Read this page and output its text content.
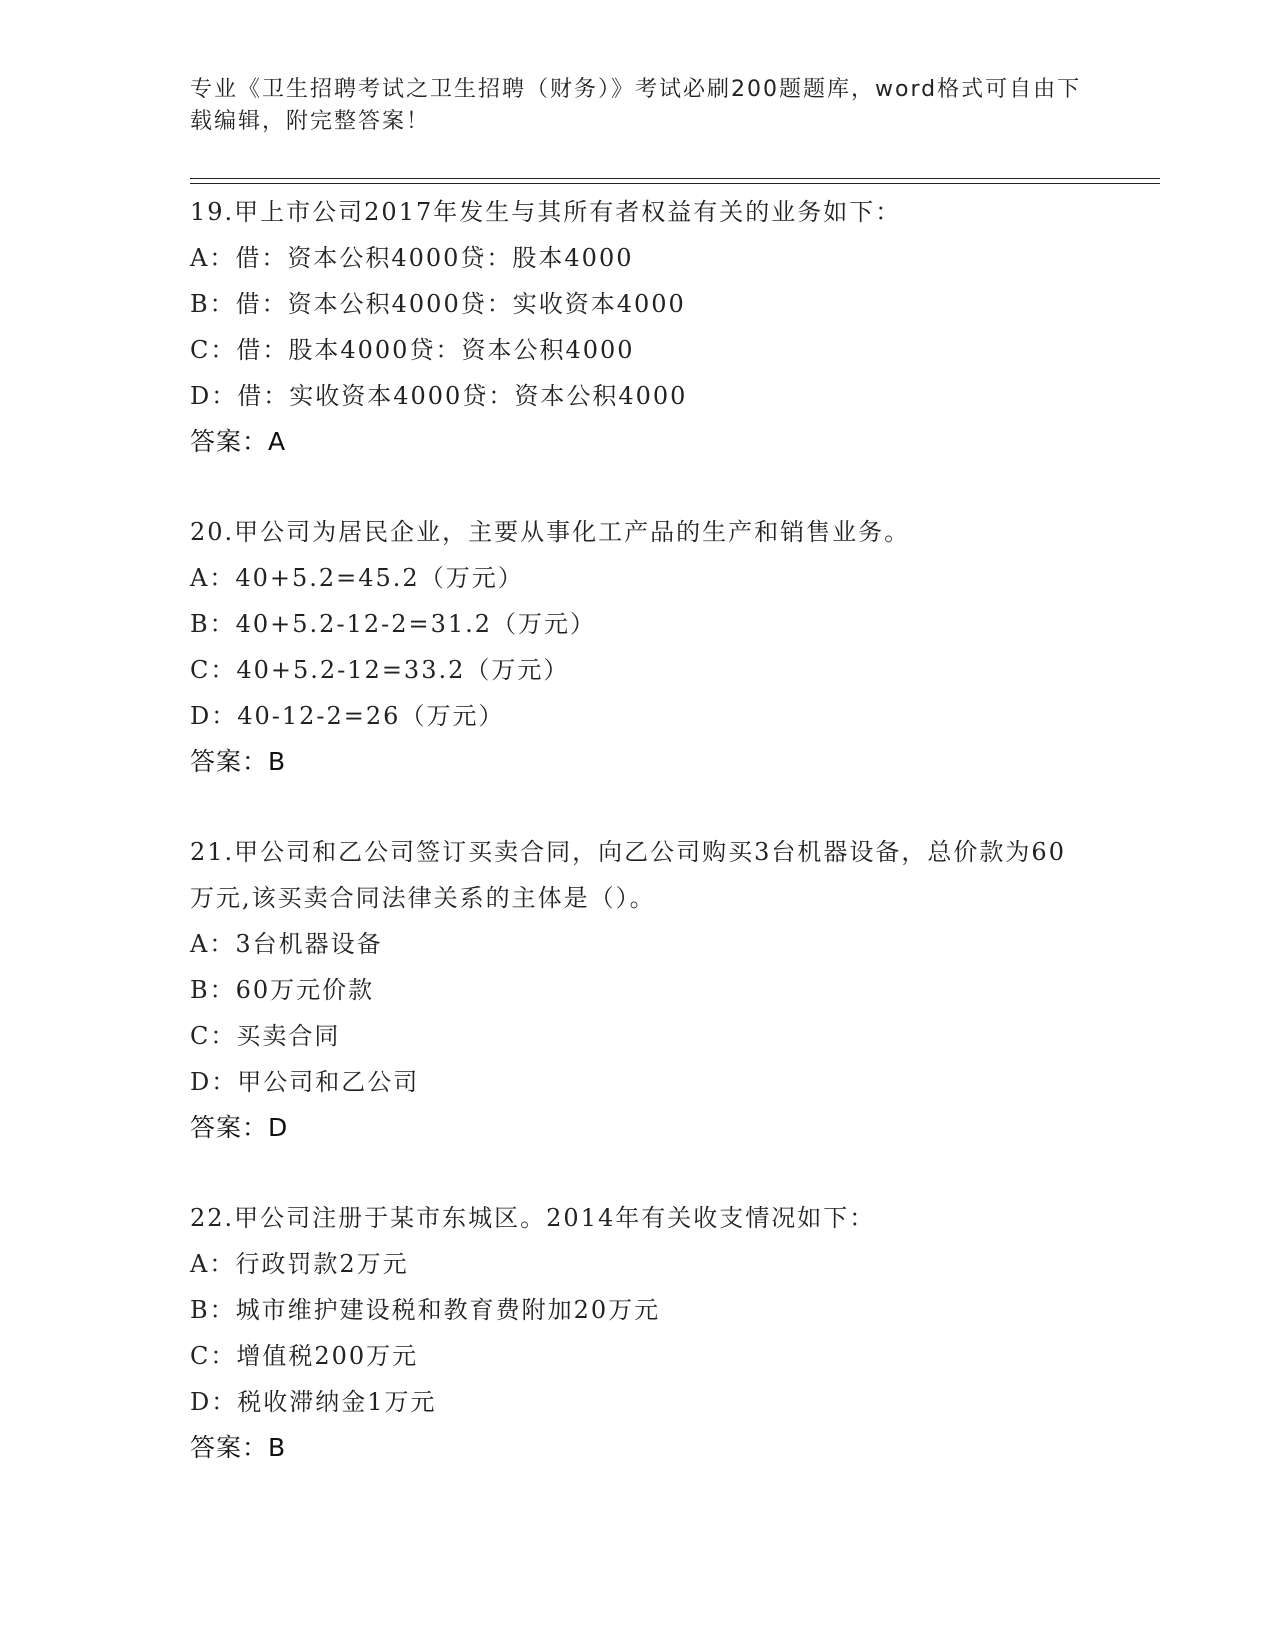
专业《卫生招聘考试之卫生招聘（财务）》考试必刷200题题库，word格式可自由下载编辑，附完整答案！
19.甲上市公司2017年发生与其所有者权益有关的业务如下：
A：借：资本公积4000贷：股本4000
B：借：资本公积4000贷：实收资本4000
C：借：股本4000贷：资本公积4000
D：借：实收资本4000贷：资本公积4000
答案：A
20.甲公司为居民企业，主要从事化工产品的生产和销售业务。
A：40+5.2=45.2（万元）
B：40+5.2-12-2=31.2（万元）
C：40+5.2-12=33.2（万元）
D：40-12-2=26（万元）
答案：B
21.甲公司和乙公司签订买卖合同，向乙公司购买3台机器设备，总价款为60万元,该买卖合同法律关系的主体是（）。
A：3台机器设备
B：60万元价款
C：买卖合同
D：甲公司和乙公司
答案：D
22.甲公司注册于某市东城区。2014年有关收支情况如下：
A：行政罚款2万元
B：城市维护建设税和教育费附加20万元
C：增值税200万元
D：税收滞纳金1万元
答案：B
